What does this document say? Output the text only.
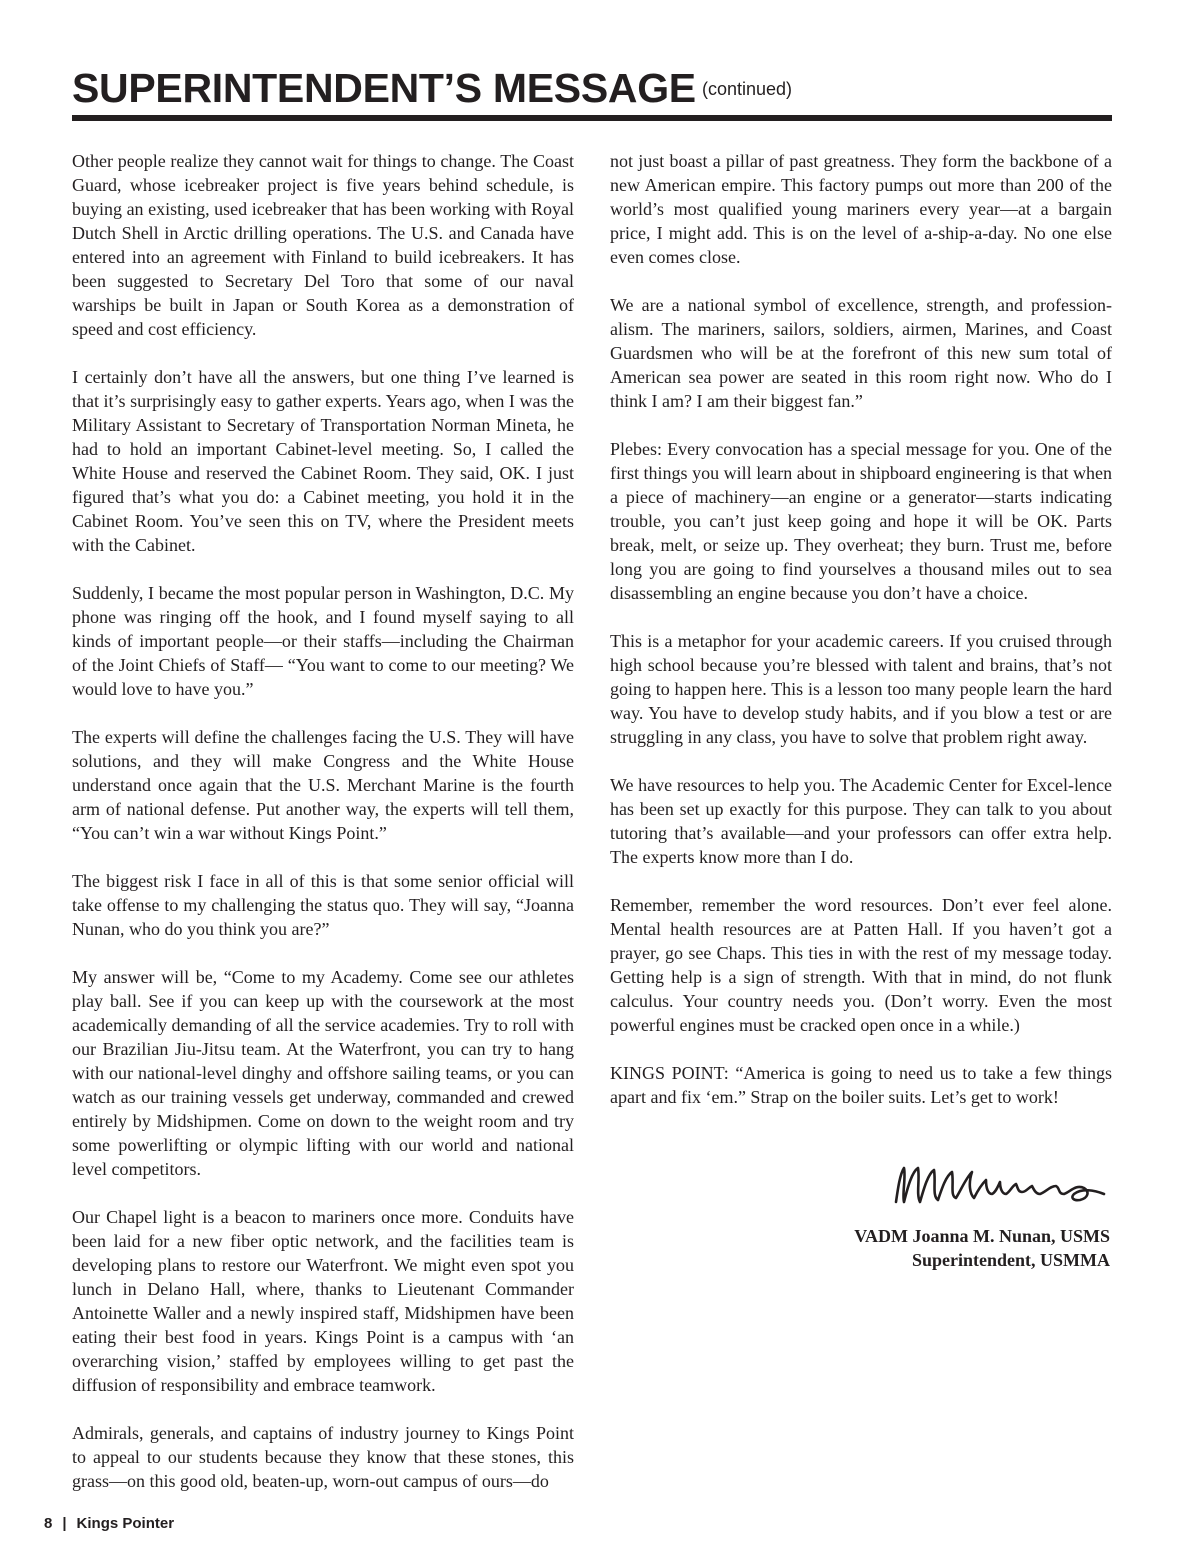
SUPERINTENDENT’S MESSAGE (continued)

Other people realize they cannot wait for things to change. The Coast Guard, whose icebreaker project is five years behind schedule, is buying an existing, used icebreaker that has been working with Royal Dutch Shell in Arctic drilling operations. The U.S. and Canada have entered into an agreement with Finland to build icebreakers. It has been suggested to Secretary Del Toro that some of our naval warships be built in Japan or South Korea as a demonstration of speed and cost efficiency.

I certainly don’t have all the answers, but one thing I’ve learned is that it’s surprisingly easy to gather experts. Years ago, when I was the Military Assistant to Secretary of Transportation Norman Mineta, he had to hold an important Cabinet-level meeting. So, I called the White House and reserved the Cabinet Room. They said, OK. I just figured that’s what you do: a Cabinet meeting, you hold it in the Cabinet Room. You’ve seen this on TV, where the President meets with the Cabinet.

Suddenly, I became the most popular person in Washington, D.C. My phone was ringing off the hook, and I found myself saying to all kinds of important people—or their staffs—including the Chairman of the Joint Chiefs of Staff— “You want to come to our meeting? We would love to have you.”

The experts will define the challenges facing the U.S. They will have solutions, and they will make Congress and the White House understand once again that the U.S. Merchant Marine is the fourth arm of national defense. Put another way, the experts will tell them, “You can’t win a war without Kings Point.”

The biggest risk I face in all of this is that some senior official will take offense to my challenging the status quo. They will say, “Joanna Nunan, who do you think you are?”

My answer will be, “Come to my Academy. Come see our athletes play ball. See if you can keep up with the coursework at the most academically demanding of all the service academies. Try to roll with our Brazilian Jiu-Jitsu team. At the Waterfront, you can try to hang with our national-level dinghy and offshore sailing teams, or you can watch as our training vessels get underway, commanded and crewed entirely by Midshipmen. Come on down to the weight room and try some powerlifting or olympic lifting with our world and national level competitors.

Our Chapel light is a beacon to mariners once more. Conduits have been laid for a new fiber optic network, and the facilities team is developing plans to restore our Waterfront. We might even spot you lunch in Delano Hall, where, thanks to Lieutenant Commander Antoinette Waller and a newly inspired staff, Midshipmen have been eating their best food in years. Kings Point is a campus with ‘an overarching vision,’ staffed by employees willing to get past the diffusion of responsibility and embrace teamwork.

Admirals, generals, and captains of industry journey to Kings Point to appeal to our students because they know that these stones, this grass—on this good old, beaten-up, worn-out campus of ours—do

not just boast a pillar of past greatness. They form the backbone of a new American empire. This factory pumps out more than 200 of the world’s most qualified young mariners every year—at a bargain price, I might add. This is on the level of a-ship-a-day. No one else even comes close.

We are a national symbol of excellence, strength, and profession-alism. The mariners, sailors, soldiers, airmen, Marines, and Coast Guardsmen who will be at the forefront of this new sum total of American sea power are seated in this room right now. Who do I think I am? I am their biggest fan.”

Plebes: Every convocation has a special message for you. One of the first things you will learn about in shipboard engineering is that when a piece of machinery—an engine or a generator—starts indicating trouble, you can’t just keep going and hope it will be OK. Parts break, melt, or seize up. They overheat; they burn. Trust me, before long you are going to find yourselves a thousand miles out to sea disassembling an engine because you don’t have a choice.

This is a metaphor for your academic careers. If you cruised through high school because you’re blessed with talent and brains, that’s not going to happen here. This is a lesson too many people learn the hard way. You have to develop study habits, and if you blow a test or are struggling in any class, you have to solve that problem right away.

We have resources to help you. The Academic Center for Excel-lence has been set up exactly for this purpose. They can talk to you about tutoring that’s available—and your professors can offer extra help. The experts know more than I do.

Remember, remember the word resources. Don’t ever feel alone. Mental health resources are at Patten Hall. If you haven’t got a prayer, go see Chaps. This ties in with the rest of my message today. Getting help is a sign of strength. With that in mind, do not flunk calculus. Your country needs you. (Don’t worry. Even the most powerful engines must be cracked open once in a while.)

KINGS POINT: “America is going to need us to take a few things apart and fix ‘em.” Strap on the boiler suits. Let’s get to work!

VADM Joanna M. Nunan, USMS
Superintendent, USMMA
8 | Kings Pointer
